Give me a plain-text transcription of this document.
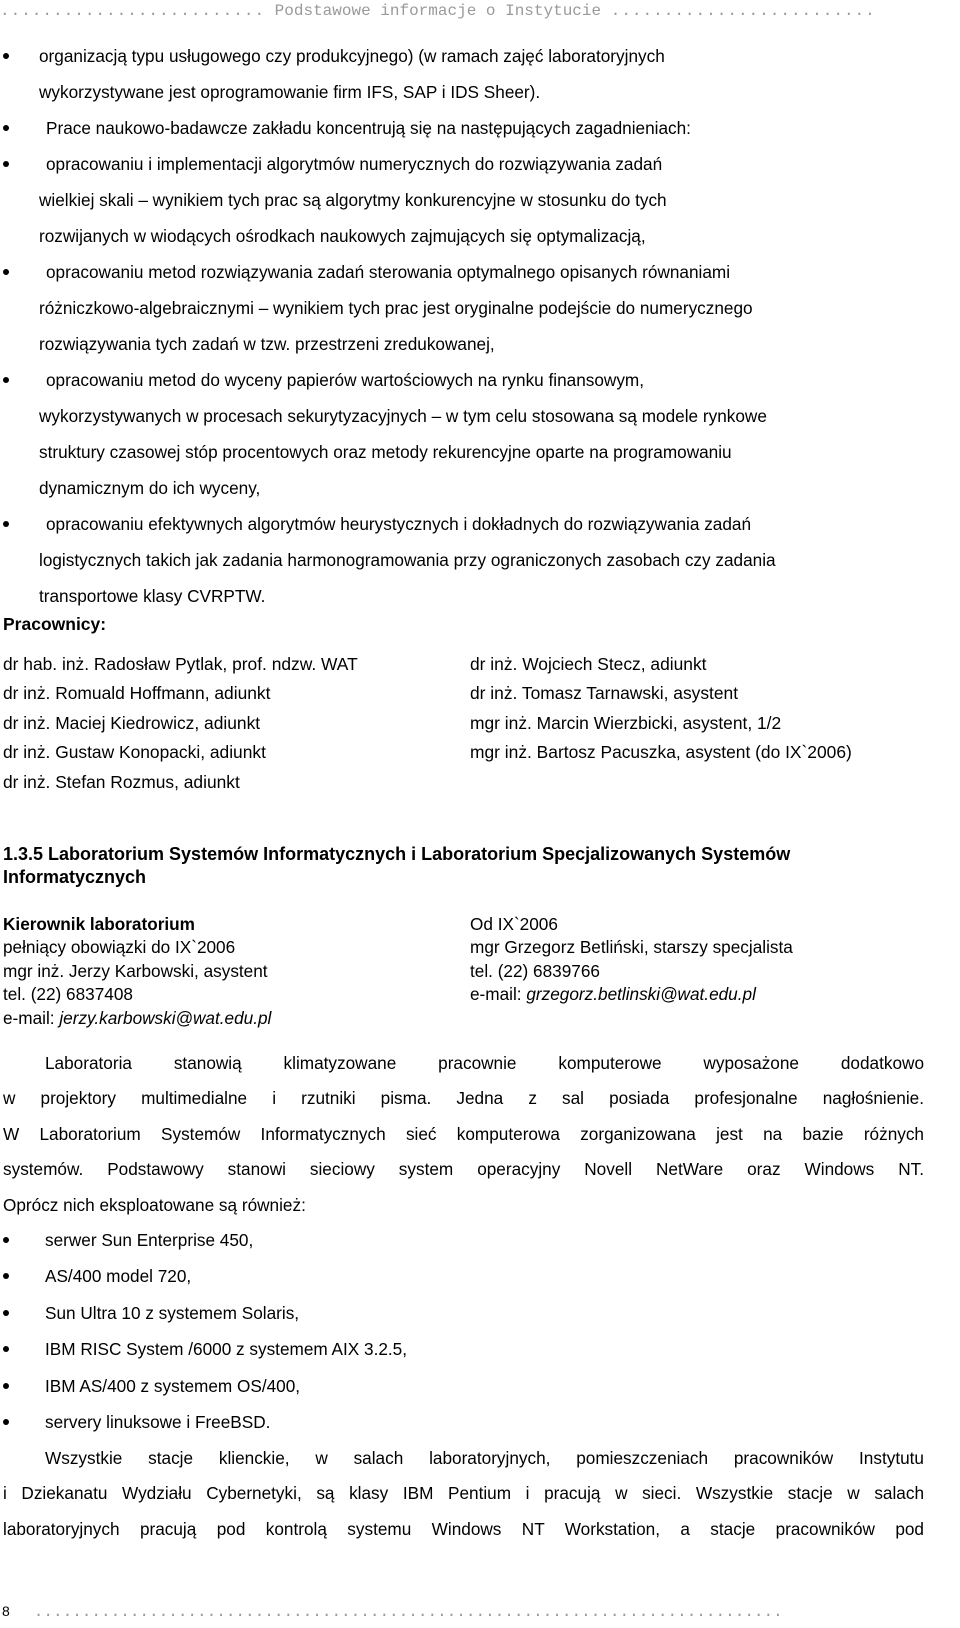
......................... Podstawowe informacje o Instytucie .........................
organizacją typu usługowego czy produkcyjnego) (w ramach zajęć laboratoryjnych
wykorzystywane jest oprogramowanie firm IFS, SAP i IDS Sheer).
Prace naukowo-badawcze zakładu koncentrują się na następujących zagadnieniach:
opracowaniu i implementacji algorytmów numerycznych do rozwiązywania zadań
wielkiej skali – wynikiem tych prac są algorytmy konkurencyjne w stosunku do tych
rozwijanych w wiodących ośrodkach naukowych zajmujących się optymalizacją,
opracowaniu metod rozwiązywania zadań sterowania optymalnego opisanych równaniami
różniczkowo-algebraicznymi – wynikiem tych prac jest oryginalne podejście do numerycznego
rozwiązywania tych zadań w tzw. przestrzeni zredukowanej,
opracowaniu metod do wyceny papierów wartościowych na rynku finansowym,
wykorzystywanych w procesach sekurytyzacyjnych – w tym celu stosowana są modele rynkowe
struktury czasowej stóp procentowych oraz metody rekurencyjne oparte na programowaniu
dynamicznym do ich wyceny,
opracowaniu efektywnych algorytmów heurystycznych i dokładnych do rozwiązywania zadań
logistycznych takich jak zadania harmonogramowania przy ograniczonych zasobach czy zadania
transportowe klasy CVRPTW.
Pracownicy:
dr hab. inż. Radosław Pytlak, prof. ndzw. WAT	dr inż. Wojciech Stecz, adiunkt
dr inż. Romuald Hoffmann, adiunkt	dr inż. Tomasz Tarnawski, asystent
dr inż. Maciej Kiedrowicz, adiunkt	mgr inż. Marcin Wierzbicki, asystent, 1/2
dr inż. Gustaw Konopacki, adiunkt	mgr inż. Bartosz Pacuszka, asystent (do IX`2006)
dr inż. Stefan Rozmus, adiunkt
1.3.5 Laboratorium Systemów Informatycznych i Laboratorium Specjalizowanych Systemów Informatycznych
Kierownik laboratorium	Od IX`2006
pełniący obowiązki do IX`2006	mgr Grzegorz Betliński, starszy specjalista
mgr inż. Jerzy Karbowski, asystent	tel. (22) 6839766
tel. (22) 6837408	e-mail: grzegorz.betlinski@wat.edu.pl
e-mail: jerzy.karbowski@wat.edu.pl
Laboratoria stanowią klimatyzowane pracownie komputerowe wyposażone dodatkowo
w projektory multimedialne i rzutniki pisma. Jedna z sal posiada profesjonalne nagłośnienie.
W Laboratorium Systemów Informatycznych sieć komputerowa zorganizowana jest na bazie różnych
systemów. Podstawowy stanowi sieciowy system operacyjny Novell NetWare oraz Windows NT.
Oprócz nich eksploatowane są również:
serwer Sun Enterprise 450,
AS/400 model 720,
Sun Ultra 10 z systemem Solaris,
IBM RISC System /6000 z systemem AIX 3.2.5,
IBM AS/400 z systemem OS/400,
servery linuksowe i FreeBSD.
Wszystkie stacje klienckie, w salach laboratoryjnych, pomieszczeniach pracowników Instytutu
i Dziekanatu Wydziału Cybernetyki, są klasy IBM Pentium i pracują w sieci. Wszystkie stacje w salach
laboratoryjnych pracują pod kontrolą systemu Windows NT Workstation, a stacje pracowników pod
8 ..............................................................................
